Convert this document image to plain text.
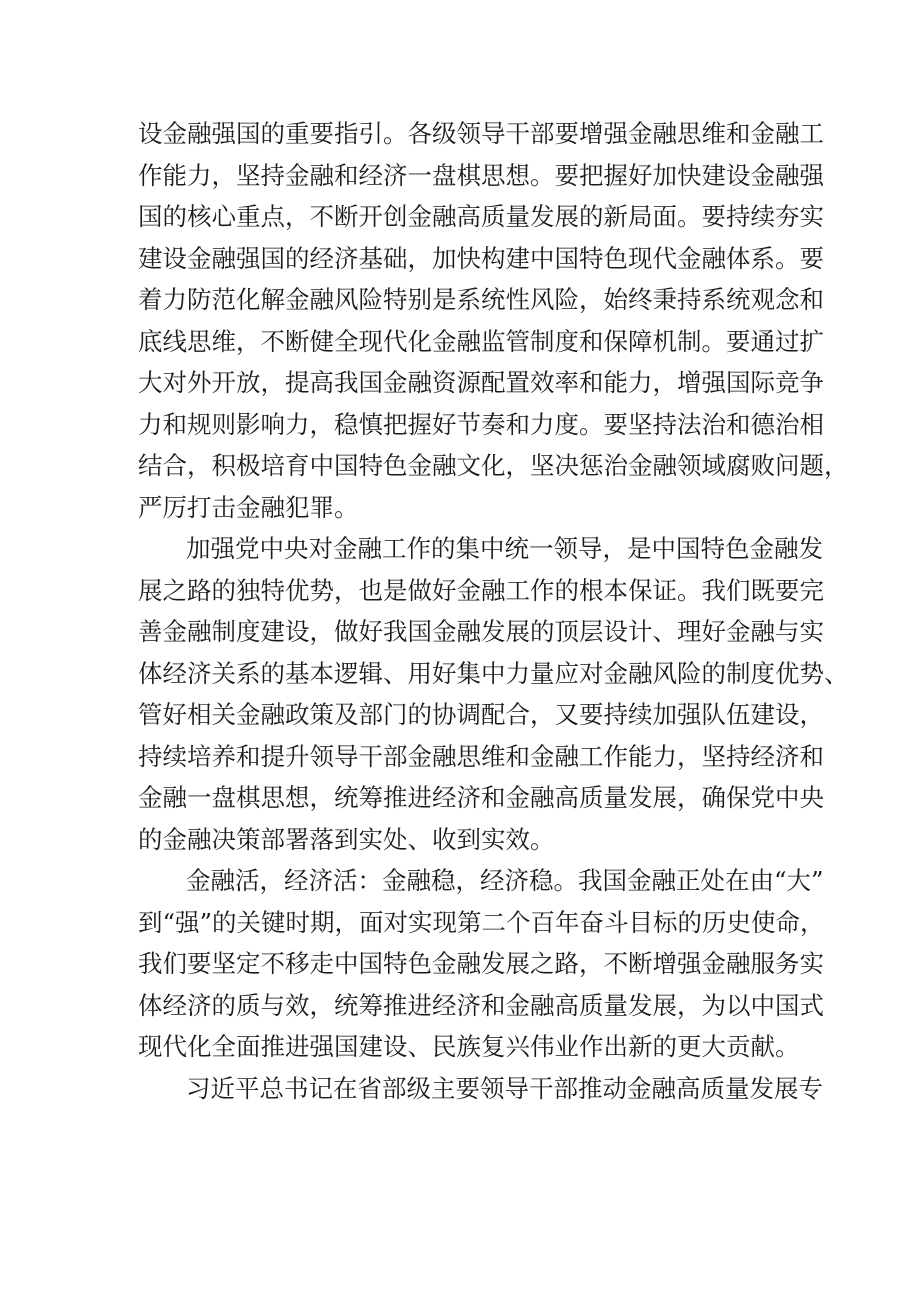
设金融强国的重要指引。各级领导干部要增强金融思维和金融工
作能力，坚持金融和经济一盘棋思想。要把握好加快建设金融强
国的核心重点，不断开创金融高质量发展的新局面。要持续夯实
建设金融强国的经济基础，加快构建中国特色现代金融体系。要
着力防范化解金融风险特别是系统性风险，始终秉持系统观念和
底线思维，不断健全现代化金融监管制度和保障机制。要通过扩
大对外开放，提高我国金融资源配置效率和能力，增强国际竞争
力和规则影响力，稳慎把握好节奏和力度。要坚持法治和德治相
结合，积极培育中国特色金融文化，坚决惩治金融领域腐败问题，
严厉打击金融犯罪。

加强党中央对金融工作的集中统一领导，是中国特色金融发
展之路的独特优势，也是做好金融工作的根本保证。我们既要完
善金融制度建设，做好我国金融发展的顶层设计、理好金融与实
体经济关系的基本逻辑、用好集中力量应对金融风险的制度优势、
管好相关金融政策及部门的协调配合，又要持续加强队伍建设，
持续培养和提升领导干部金融思维和金融工作能力，坚持经济和
金融一盘棋思想，统筹推进经济和金融高质量发展，确保党中央
的金融决策部署落到实处、收到实效。

金融活，经济活：金融稳，经济稳。我国金融正处在由“大”
到“强”的关键时期，面对实现第二个百年奋斗目标的历史使命，
我们要坚定不移走中国特色金融发展之路，不断增强金融服务实
体经济的质与效，统筹推进经济和金融高质量发展，为以中国式
现代化全面推进强国建设、民族复兴伟业作出新的更大贡献。

习近平总书记在省部级主要领导干部推动金融高质量发展专
